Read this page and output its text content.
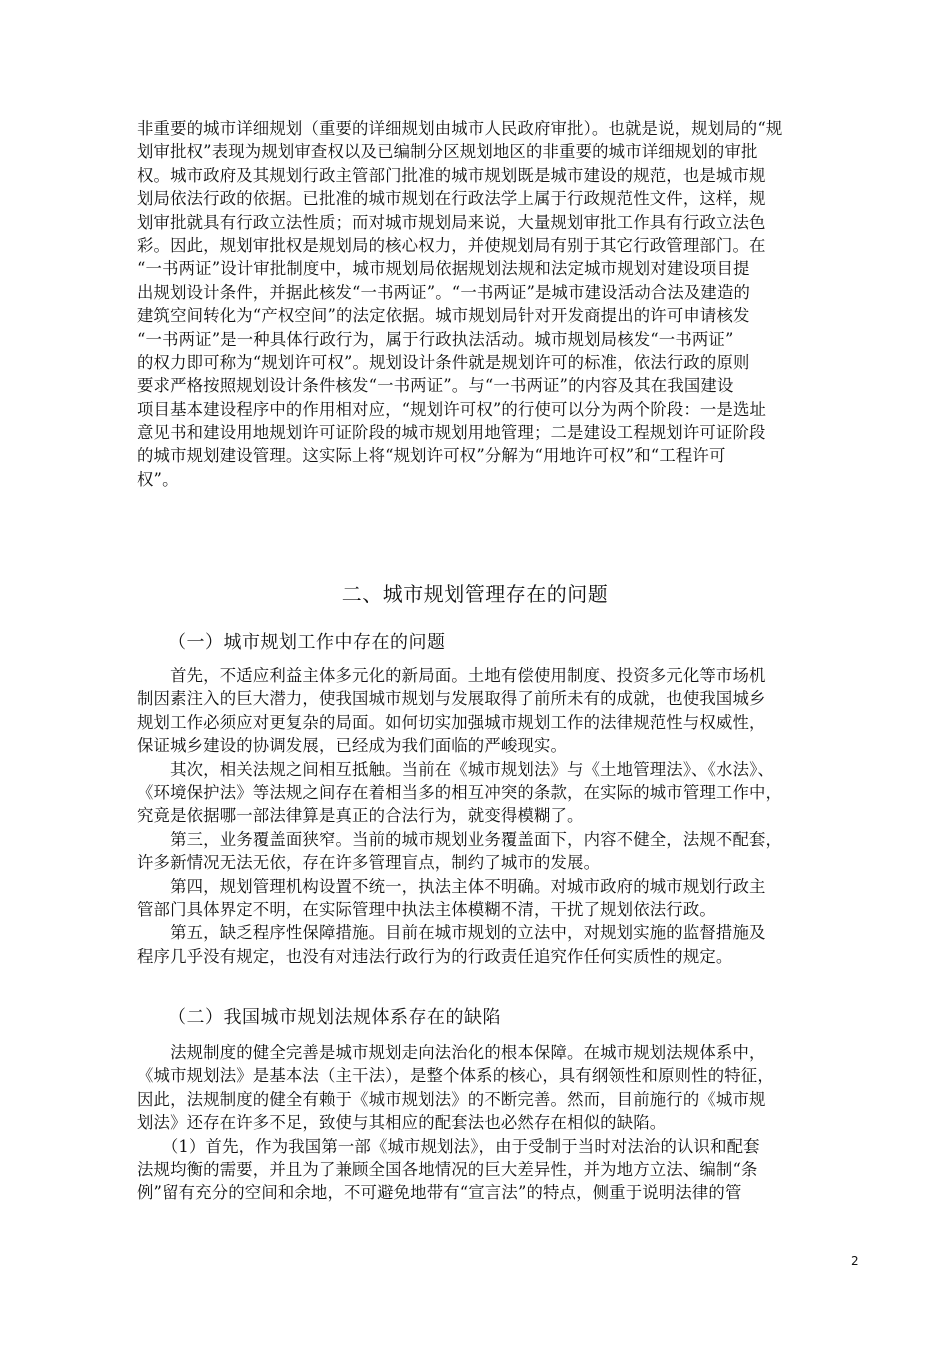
非重要的城市详细规划（重要的详细规划由城市人民政府审批）。也就是说，规划局的“规
划审批权”表现为规划审查权以及已编制分区规划地区的非重要的城市详细规划的审批
权。城市政府及其规划行政主管部门批准的城市规划既是城市建设的规范，也是城市规
划局依法行政的依据。已批准的城市规划在行政法学上属于行政规范性文件，这样，规
划审批就具有行政立法性质；而对城市规划局来说，大量规划审批工作具有行政立法色
彩。因此，规划审批权是规划局的核心权力，并使规划局有别于其它行政管理部门。在
“一书两证”设计审批制度中，城市规划局依据规划法规和法定城市规划对建设项目提
出规划设计条件，并据此核发“一书两证”。“一书两证”是城市建设活动合法及建造的
建筑空间转化为“产权空间”的法定依据。城市规划局针对开发商提出的许可申请核发
“一书两证”是一种具体行政行为，属于行政执法活动。城市规划局核发“一书两证”
的权力即可称为“规划许可权”。规划设计条件就是规划许可的标准，依法行政的原则
要求严格按照规划设计条件核发“一书两证”。与“一书两证”的内容及其在我国建设
项目基本建设程序中的作用相对应，“规划许可权”的行使可以分为两个阶段：一是选址
意见书和建设用地规划许可证阶段的城市规划用地管理；二是建设工程规划许可证阶段
的城市规划建设管理。这实际上将“规划许可权”分解为“用地许可权”和“工程许可
权”。
二、城市规划管理存在的问题
（一）城市规划工作中存在的问题
　　首先，不适应利益主体多元化的新局面。土地有偿使用制度、投资多元化等市场机
制因素注入的巨大潜力，使我国城市规划与发展取得了前所未有的成就，也使我国城乡
规划工作必须应对更复杂的局面。如何切实加强城市规划工作的法律规范性与权威性，
保证城乡建设的协调发展，已经成为我们面临的严峻现实。
　　其次，相关法规之间相互抵触。当前在《城市规划法》与《土地管理法》、《水法》、
《环境保护法》等法规之间存在着相当多的相互冲突的条款，在实际的城市管理工作中，
究竟是依据哪一部法律算是真正的合法行为，就变得模糊了。
　　第三，业务覆盖面狭窄。当前的城市规划业务覆盖面下，内容不健全，法规不配套，
许多新情况无法无依，存在许多管理盲点，制约了城市的发展。
　　第四，规划管理机构设置不统一，执法主体不明确。对城市政府的城市规划行政主
管部门具体界定不明，在实际管理中执法主体模糊不清，干扰了规划依法行政。
　　第五，缺乏程序性保障措施。目前在城市规划的立法中，对规划实施的监督措施及
程序几乎没有规定，也没有对违法行政行为的行政责任追究作任何实质性的规定。
（二）我国城市规划法规体系存在的缺陷
　　法规制度的健全完善是城市规划走向法治化的根本保障。在城市规划法规体系中，
《城市规划法》是基本法（主干法），是整个体系的核心，具有纲领性和原则性的特征，
因此，法规制度的健全有赖于《城市规划法》的不断完善。然而，目前施行的《城市规
划法》还存在许多不足，致使与其相应的配套法也必然存在相似的缺陷。
　　（1）首先，作为我国第一部《城市规划法》，由于受制于当时对法治的认识和配套
法规均衡的需要，并且为了兼顾全国各地情况的巨大差异性，并为地方立法、编制“条
例”留有充分的空间和余地，不可避免地带有“宣言法”的特点，侧重于说明法律的管
2
